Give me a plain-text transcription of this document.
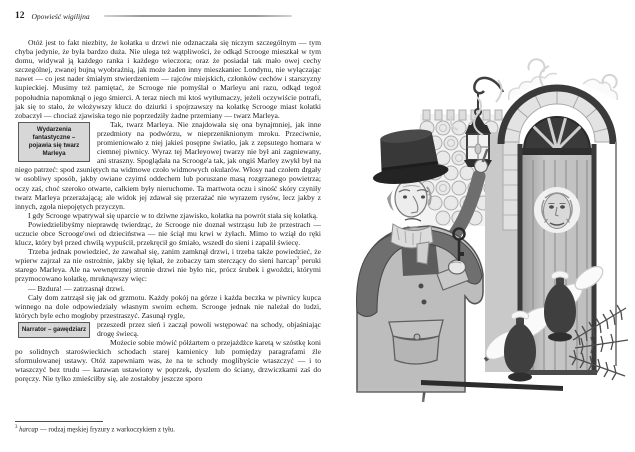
12 Opowieść wigilijna

Otóż jest to fakt niezbity, że kołatka u drzwi nie odznaczała się niczym szczególnym — tym chyba jedynie, że była bardzo duża. Nie ulega też wątpliwości, że odkąd Scrooge mieszkał w tym domu, widywał ją każdego ranka i każdego wieczora; oraz że posiadał tak mało owej cechy szczególnej, zwanej bujną wyobraźnią, jak może żaden inny mieszkaniec Londynu, nie wyłączając nawet — co jest nader śmiałym stwierdzeniem — rajców miejskich, członków cechów i starszyzny kupieckiej. Musimy też pamiętać, że Scrooge nie pomyślał o Marleyu ani razu, odkąd tegoż popołudnia napomknął o jego śmierci. A teraz niech mi ktoś wytłumaczy, jeżeli oczywiście potrafi, jak się to stało, że włożywszy klucz do dziurki i spojrzawszy na kołatkę Scrooge miast kołatki zobaczył — chociaż zjawiska tego nie poprzedziły żadne przemiany — twarz Marleya.

Wydarzenia fantastyczne – pojawia się twarz Marleya
Tak, twarz Marleya. Nie znajdowała się ona bynajmniej, jak inne przedmioty na podwórzu, w nieprzeniknionym mroku. Przeciwnie, promieniowało z niej jakieś posępne światło, jak z zepsutego homara w ciemnej piwnicy. Wyraz tej Marleyowej twarzy nie był ani zagniewany, ani straszny. Spoglądała na Scrooge'a tak, jak ongiś Marley zwykł był na niego patrzeć: spod zsuniętych na widmowe czoło widmowych okularów. Włosy nad czołem drgały w osobliwy sposób, jakby owiane czyimś oddechem lub poruszane masą rozgrzanego powietrza; oczy zaś, choć szeroko otwarte, całkiem były nieruchome. Ta martwota oczu i siność skóry czyniły twarz Marleya przerażającą; ale widok jej zdawał się przerażać nie wyrazem rysów, lecz jakby z innych, zgoła niepojętych przyczyn.

I gdy Scrooge wpatrywał się uparcie w to dziwne zjawisko, kołatka na powrót stała się kołatką.

Powiedzielibyśmy nieprawdę twierdząc, że Scrooge nie doznał wstrząsu lub że przestrach — uczucie obce Scrooge'owi od dzieciństwa — nie ściął mu krwi w żyłach. Mimo to wziął do ręki klucz, który był przed chwilą wypuścił, przekręcił go śmiało, wszedł do sieni i zapalił świecę.

Trzeba jednak powiedzieć, że zawahał się, zanim zamknął drzwi, i trzeba także powiedzieć, że wpierw zajrzał za nie ostrożnie, jakby się lękał, że zobaczy tam sterczący do sieni harcap$^3$ peruki starego Marleya. Ale na wewnętrznej stronie drzwi nie było nic, prócz śrubek i gwoździ, którymi przymocowano kołatkę, mruknąwszy więc:

— Bzdura! — zatrzasnął drzwi.

Cały dom zatrząsł się jak od grzmotu. Każdy pokój na górze i każda beczka w piwnicy kupca winnego na dole odpowiedziały własnym swoim echem. Scrooge jednak nie należał do ludzi, których byle echo mogłoby przestraszyć. Zasunął rygle,

Narrator – gawędziarz
przeszedł przez sień i zaczął powoli wstępować na schody, objaśniając drogę świecą.

Możecie sobie mówić półżartem o przejażdżce karetą w szóstkę koni po solidnych staroświeckich schodach starej kamienicy lub pomiędzy paragrafami źle sformułowanej ustawy. Otóż zapewniam was, że na te schody moglibyście wtaszczyć — i to wtaszczyć bez trudu — karawan ustawiony w poprzek, dyszlem do ściany, drzwiczkami zaś do poręczy. Nie tylko zmieściłby się, ale zostałoby jeszcze sporo

$^3$ harcap — rodzaj męskiej fryzury z warkoczykiem z tyłu.
